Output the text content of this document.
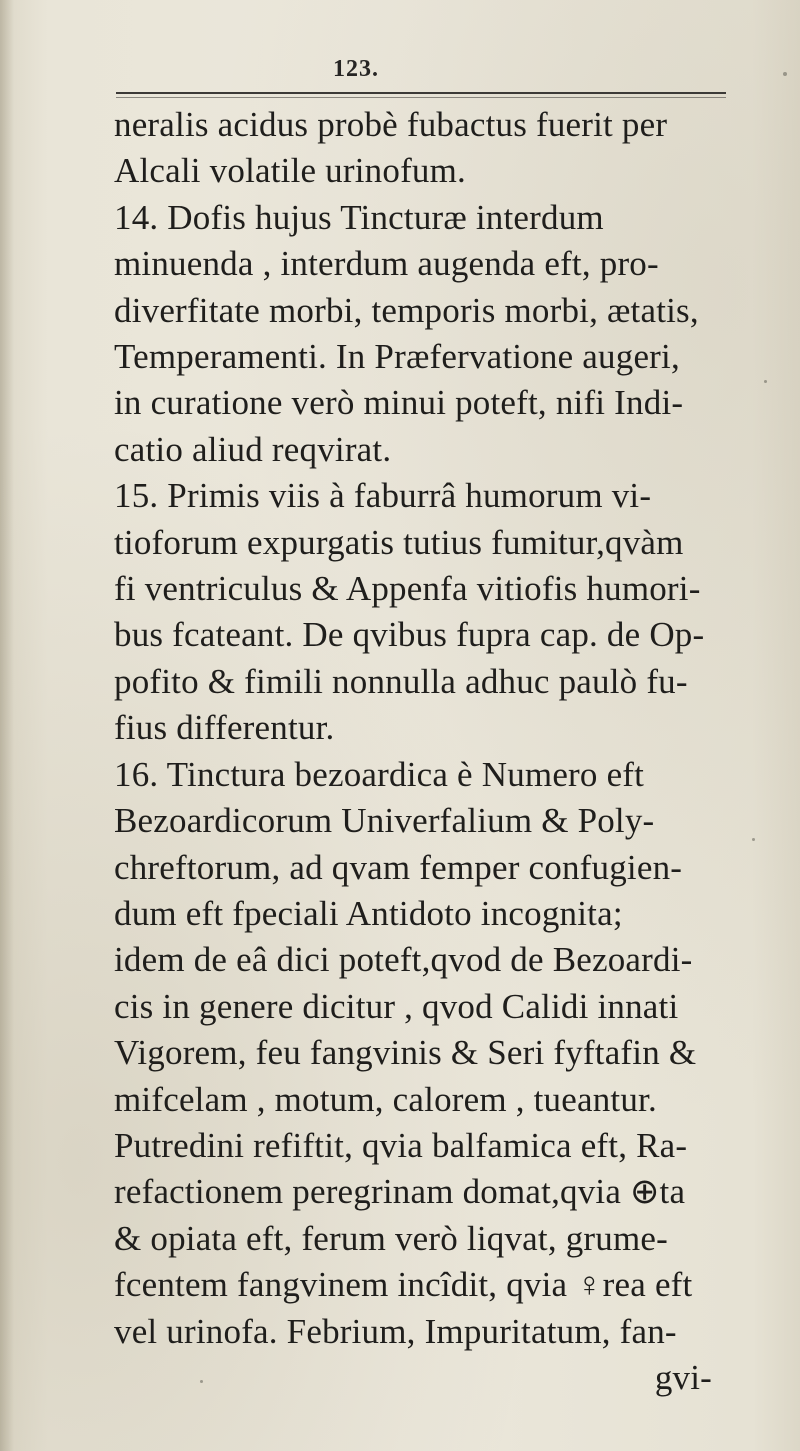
123.
neralis acidus probè fubactus fuerit per
Alcali volatile urinofum.
14. Dofis hujus Tincturæ interdum
minuenda , interdum augenda eft, pro-
diverfitate morbi, temporis morbi, ætatis,
Temperamenti. In Præfervatione augeri,
in curatione verò minui poteft, nifi Indi-
catio aliud reqvirat.
15. Primis viis à faburrâ humorum vi-
tioforum expurgatis tutius fumitur,qvàm
fi ventriculus & Appenfa vitiofis humori-
bus fcateant. De qvibus fupra cap. de Op-
pofito & fimili nonnulla adhuc paulò fu-
fius differentur.
16. Tinctura bezoardica è Numero eft
Bezoardicorum Univerfalium & Poly-
chreftorum, ad qvam femper confugien-
dum eft fpeciali Antidoto incognita;
idem de eâ dici poteft,qvod de Bezoardi-
cis in genere dicitur , qvod Calidi innati
Vigorem, feu fangvinis & Seri fyftafin &
mifcelam , motum, calorem , tueantur.
Putredini refiftit, qvia balfamica eft, Ra-
refactionem peregrinam domat,qvia ⊕ta
& opiata eft, ferum verò liqvat, grume-
fcentem fangvinem incîdit, qvia ♀rea eft
vel urinofa. Febrium, Impuritatum, fan-
gvi-
